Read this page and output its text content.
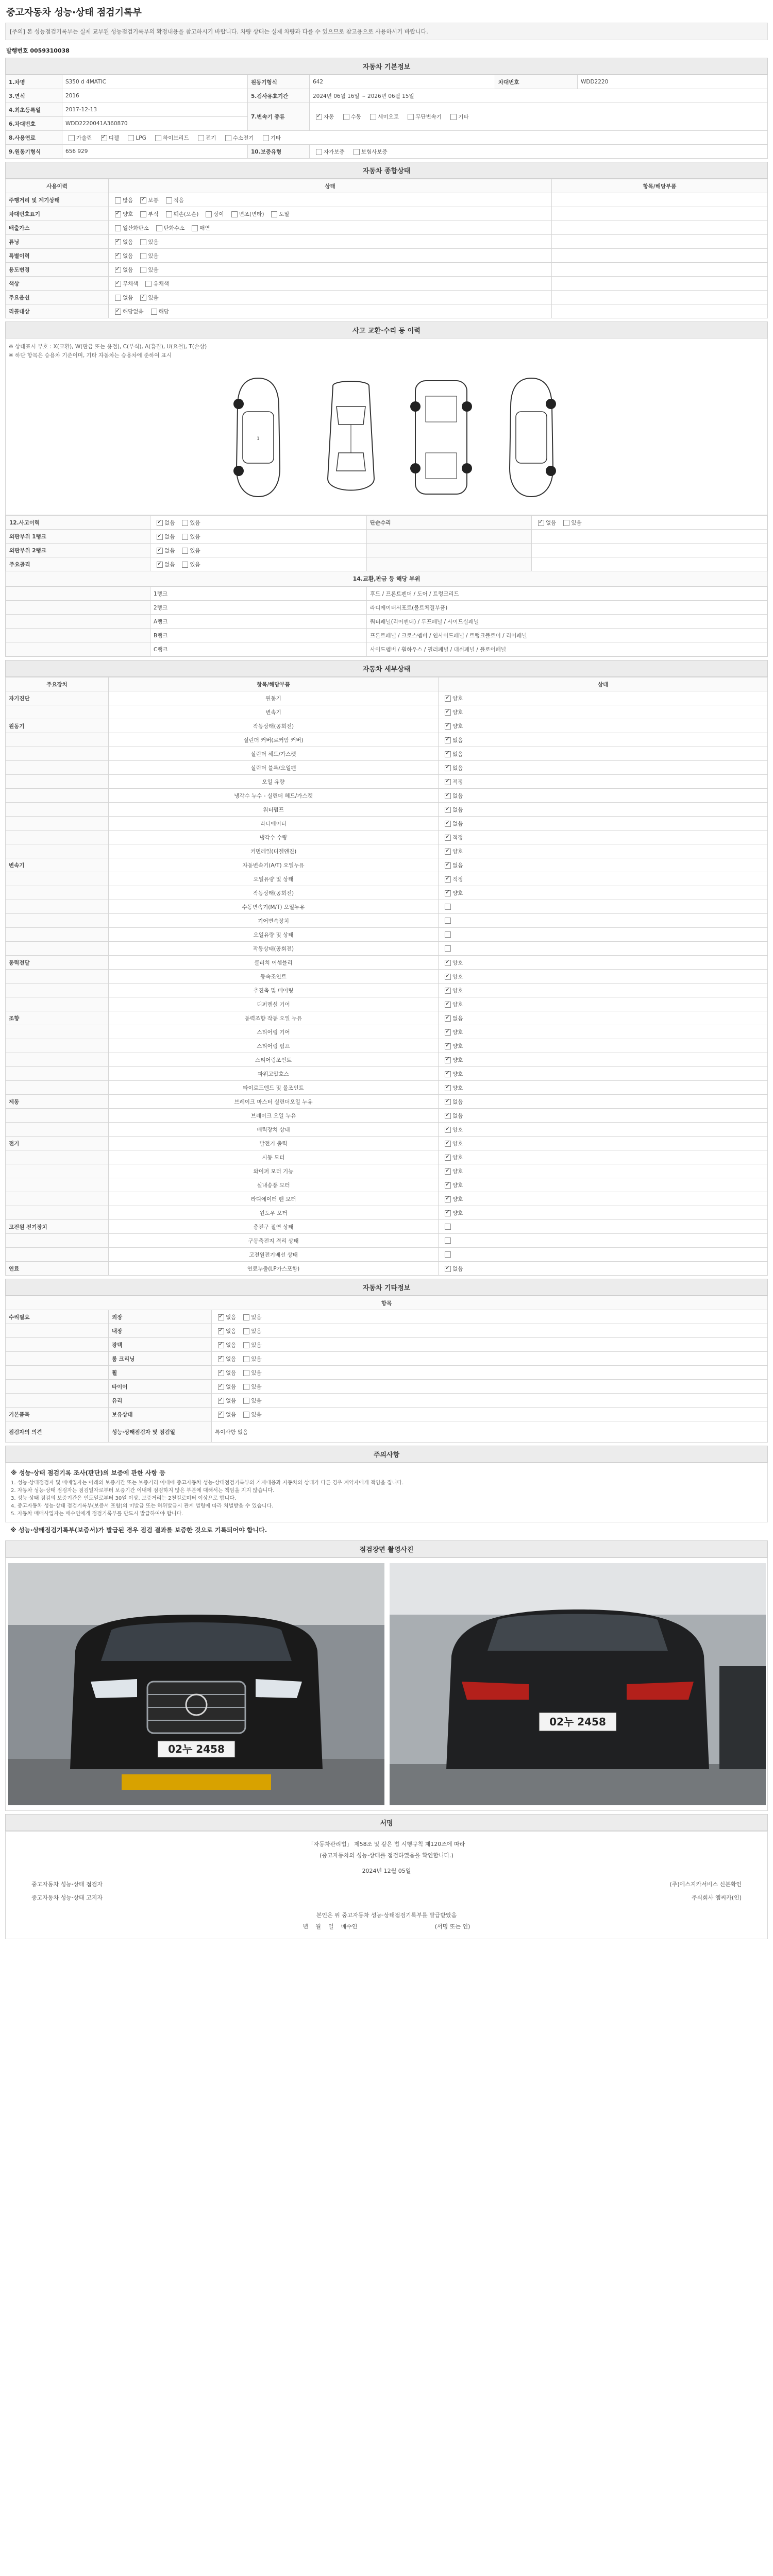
중고자동차 성능·상태 점검기록부
[주의] 본 성능점검기록부는 실제 교부된 성능점검기록부의 확정내용을 참고하시기 바랍니다. 차량 상태는 실제 차량과 다를 수 있으므로 참고용으로 사용하시기 바랍니다.
발행번호 0059310038
자동차 기본정보
1.차명	S350 d 4MATIC	원동기형식	642	차대번호	WDD2220
3.연식	2016	5.검사유효기간	2024년 06월 16일 ~ 2026년 06월 15일		
4.최초등록일	2017-12-13	7.변속기 종류	✓자동 수동 세미오토 무단변속기 기타
6.차대번호	WDD2220041A360870				
8.사용연료	가솔린 ✓ 디젤 LPG 하이브리드 전기 수소전기 기타
9.원동기형식	656 929	10.보증유형	자가보증 보험사보증		
자동차 종합상태
사용이력	상태	항목/해당부품
주행거리 및 계기상태	많음 ✓ 보통 적음	
차대번호표기	✓양호 부식 훼손(오손) 상이 변조(변타) 도말	
배출가스	일산화탄소 탄화수소 매연	
튜닝	✓없음 있음	
특별이력	✓없음 있음	
용도변경	✓없음 있음	
색상	✓무채색 유채색	
주요옵션	없음 ✓ 있음	
리콜대상	✓해당없음 해당	
사고 교환·수리 등 이력
※ 상태표시 부호 : X(교환), W(판금 또는 용접), C(부식), A(흠집), U(요철), T(손상)
※ 하단 항목은 승용차 기준이며, 기타 자동차는 승용차에 준하여 표시
1
12.사고이력	✓없음 있음	단순수리	✓없음 있음
외판부위 1랭크	✓없음 있음		
외판부위 2랭크	✓없음 있음		
주요골격	✓없음 있음		
14.교환,판금 등 해당 부위
	1랭크	후드 / 프론트펜더 / 도어 / 트렁크리드
	2랭크	라디에이터서포트(볼트체결부품)
	A랭크	쿼터패널(리어펜더) / 루프패널 / 사이드실패널
	B랭크	프론트패널 / 크로스멤버 / 인사이드패널 / 트렁크플로어 / 리어패널
	C랭크	사이드멤버 / 휠하우스 / 필러패널 / 대쉬패널 / 플로어패널
자동차 세부상태
주요장치	항목/해당부품	상태
자기진단	원동기	✓양호
	변속기	✓양호
원동기	작동상태(공회전)	✓양호
	실린더 커버(로커암 커버)	✓없음
	실린더 헤드/가스켓	✓없음
	실린더 블록/오일팬	✓없음
	오일 유량	✓적정
	냉각수 누수 - 실린더 헤드/가스켓	✓없음
	워터펌프	✓없음
	라디에이터	✓없음
	냉각수 수량	✓적정
	커먼레일(디젤엔진)	✓양호
변속기	자동변속기(A/T) 오일누유	✓없음
	오일유량 및 상태	✓적정
	작동상태(공회전)	✓양호
	수동변속기(M/T) 오일누유	
	기어변속장치	
	오일유량 및 상태	
	작동상태(공회전)	
동력전달	클러치 어셈블리	✓양호
	등속조인트	✓양호
	추진축 및 베어링	✓양호
	디퍼렌셜 기어	✓양호
조향	동력조향 작동 오일 누유	✓없음
	스티어링 기어	✓양호
	스티어링 펌프	✓양호
	스티어링조인트	✓양호
	파워고압호스	✓양호
	타이로드엔드 및 볼조인트	✓양호
제동	브레이크 마스터 실린더오일 누유	✓없음
	브레이크 오일 누유	✓없음
	배력장치 상태	✓양호
전기	발전기 출력	✓양호
	시동 모터	✓양호
	와이퍼 모터 기능	✓양호
	실내송풍 모터	✓양호
	라디에이터 팬 모터	✓양호
	윈도우 모터	✓양호
고전원 전기장치	충전구 절연 상태	
	구동축전지 격리 상태	
	고전원전기배선 상태	
연료	연료누출(LP가스포함)	✓없음
자동차 기타정보
항목		
수리필요	외장	✓없음 있음
	내장	✓없음 있음
	광택	✓없음 있음
	룸 크리닝	✓없음 있음
	휠	✓없음 있음
	타이어	✓없음 있음
	유리	✓없음 있음
기본품목	보유상태	✓없음 있음
점검자의 의견	성능·상태점검자 및 점검일	특이사항 없음
주의사항
※ 성능·상태 점검기록 조사(판단)의 보증에 관한 사항 등
1. 성능·상태점검자 및 매매업자는 아래의 보증기간 또는 보증거리 이내에 중고자동차 성능·상태점검기록부의 기재내용과 자동차의 상태가 다른 경우 계약자에게 책임을 집니다.
2. 자동차 성능·상태 점검자는 점검일자로부터 보증기간 이내에 점검하지 않은 부분에 대해서는 책임을 지지 않습니다.
3. 성능·상태 점검의 보증기간은 인도일로부터 30일 이상, 보증거리는 2천킬로미터 이상으로 합니다.
4. 중고자동차 성능·상태 점검기록부(보증서 포함)의 미발급 또는 허위발급시 관계 법령에 따라 처벌받을 수 있습니다.
5. 자동차 매매사업자는 매수인에게 점검기록부를 반드시 발급하여야 합니다.
※ 성능·상태점검기록부(보증서)가 발급된 경우 점검 결과를 보증한 것으로 기록되어야 합니다.
점검장면 촬영사진
02누 2458
02누 2458
서명
「자동차관리법」 제58조 및 같은 법 시행규칙 제120조에 따라
(중고자동차의 성능·상태를 점검하였음을 확인합니다.)
2024년 12월 05일
중고자동차 성능·상태 점검자	(주)에스지카서비스 신분확인
중고자동차 성능·상태 고지자	주식회사 엠씨카(인)
본인은 위 중고자동차 성능·상태점검기록부를 발급받았음
년    월    일    매수인                                           (서명 또는 인)
